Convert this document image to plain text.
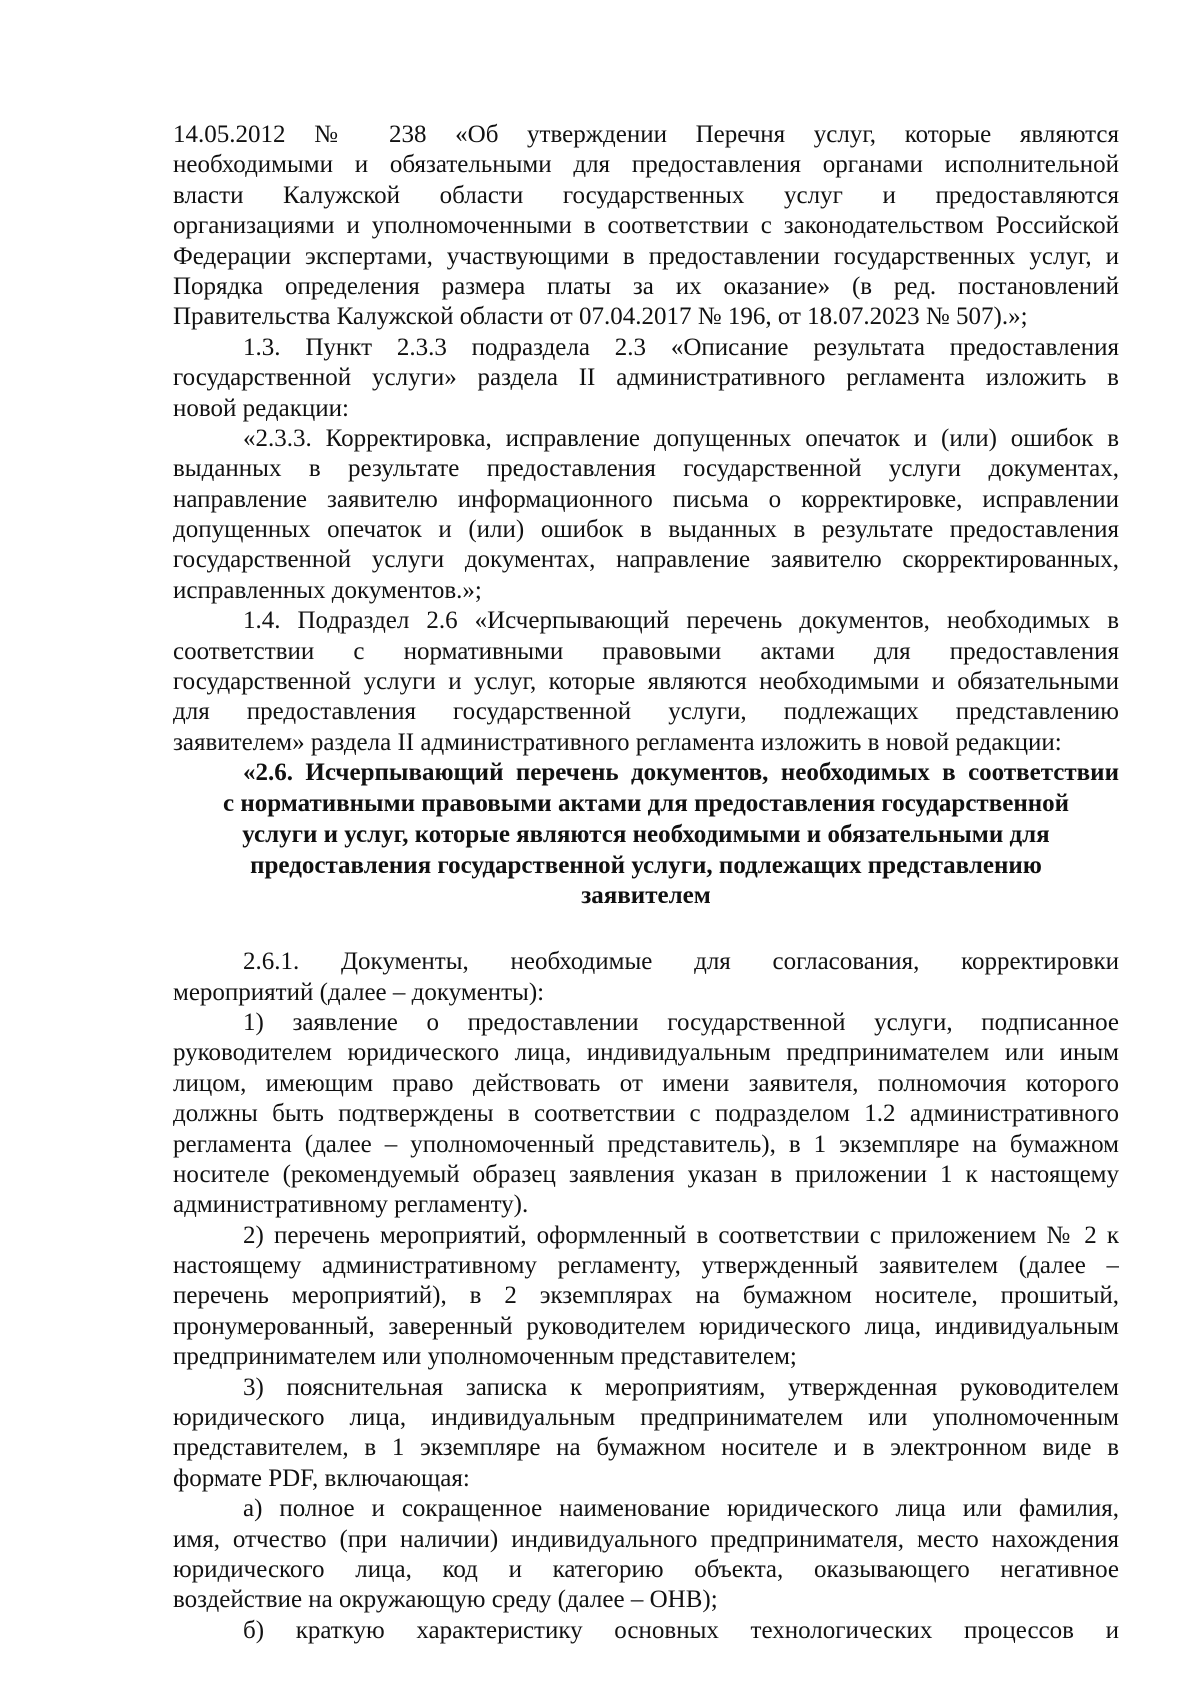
14.05.2012 № 238 «Об утверждении Перечня услуг, которые являются
необходимыми и обязательными для предоставления органами исполнительной
власти Калужской области государственных услуг и предоставляются
организациями и уполномоченными в соответствии с законодательством Российской
Федерации экспертами, участвующими в предоставлении государственных услуг, и
Порядка определения размера платы за их оказание» (в ред. постановлений
Правительства Калужской области от 07.04.2017 № 196, от 18.07.2023 № 507).»;
1.3. Пункт 2.3.3 подраздела 2.3 «Описание результата предоставления
государственной услуги» раздела II административного регламента изложить в
новой редакции:
«2.3.3. Корректировка, исправление допущенных опечаток и (или) ошибок в
выданных в результате предоставления государственной услуги документах,
направление заявителю информационного письма о корректировке, исправлении
допущенных опечаток и (или) ошибок в выданных в результате предоставления
государственной услуги документах, направление заявителю скорректированных,
исправленных документов.»;
1.4. Подраздел 2.6 «Исчерпывающий перечень документов, необходимых в
соответствии с нормативными правовыми актами для предоставления
государственной услуги и услуг, которые являются необходимыми и обязательными
для предоставления государственной услуги, подлежащих представлению
заявителем» раздела II административного регламента изложить в новой редакции:
«2.6. Исчерпывающий перечень документов, необходимых в соответствии
с нормативными правовыми актами для предоставления государственной
услуги и услуг, которые являются необходимыми и обязательными для
предоставления государственной услуги, подлежащих представлению
заявителем
2.6.1. Документы, необходимые для согласования, корректировки
мероприятий (далее – документы):
1) заявление о предоставлении государственной услуги, подписанное
руководителем юридического лица, индивидуальным предпринимателем или иным
лицом, имеющим право действовать от имени заявителя, полномочия которого
должны быть подтверждены в соответствии с подразделом 1.2 административного
регламента (далее – уполномоченный представитель), в 1 экземпляре на бумажном
носителе (рекомендуемый образец заявления указан в приложении 1 к настоящему
административному регламенту).
2) перечень мероприятий, оформленный в соответствии с приложением № 2 к
настоящему административному регламенту, утвержденный заявителем (далее –
перечень мероприятий), в 2 экземплярах на бумажном носителе, прошитый,
пронумерованный, заверенный руководителем юридического лица, индивидуальным
предпринимателем или уполномоченным представителем;
3) пояснительная записка к мероприятиям, утвержденная руководителем
юридического лица, индивидуальным предпринимателем или уполномоченным
представителем, в 1 экземпляре на бумажном носителе и в электронном виде в
формате PDF, включающая:
а) полное и сокращенное наименование юридического лица или фамилия,
имя, отчество (при наличии) индивидуального предпринимателя, место нахождения
юридического лица, код и категорию объекта, оказывающего негативное
воздействие на окружающую среду (далее – ОНВ);
б) краткую характеристику основных технологических процессов и
